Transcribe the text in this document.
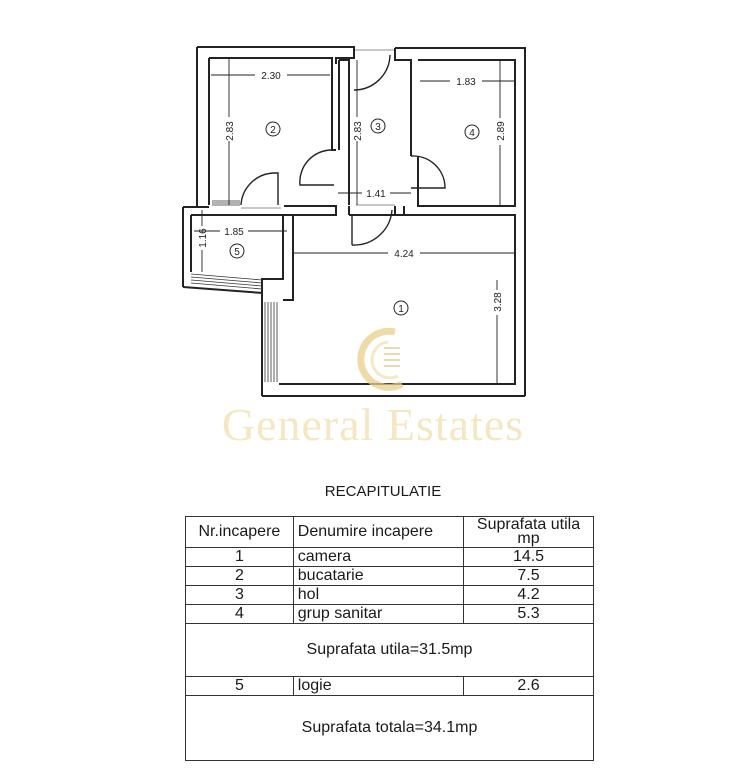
2.30
2.83	2.83
1.41
1.83
2.89
1.85
1.16
4.24
3.28
2	3
4
5
1
General Estates
RECAPITULATIE
Nr.incapere	Denumire incapere	Suprafata utila
mp

1	camera	14.5
2	bucatarie	7.5
3	hol	4.2
4	grup sanitar	5.3
Suprafata utila=31.5mp		
5	logie	2.6
Suprafata totala=34.1mp		
